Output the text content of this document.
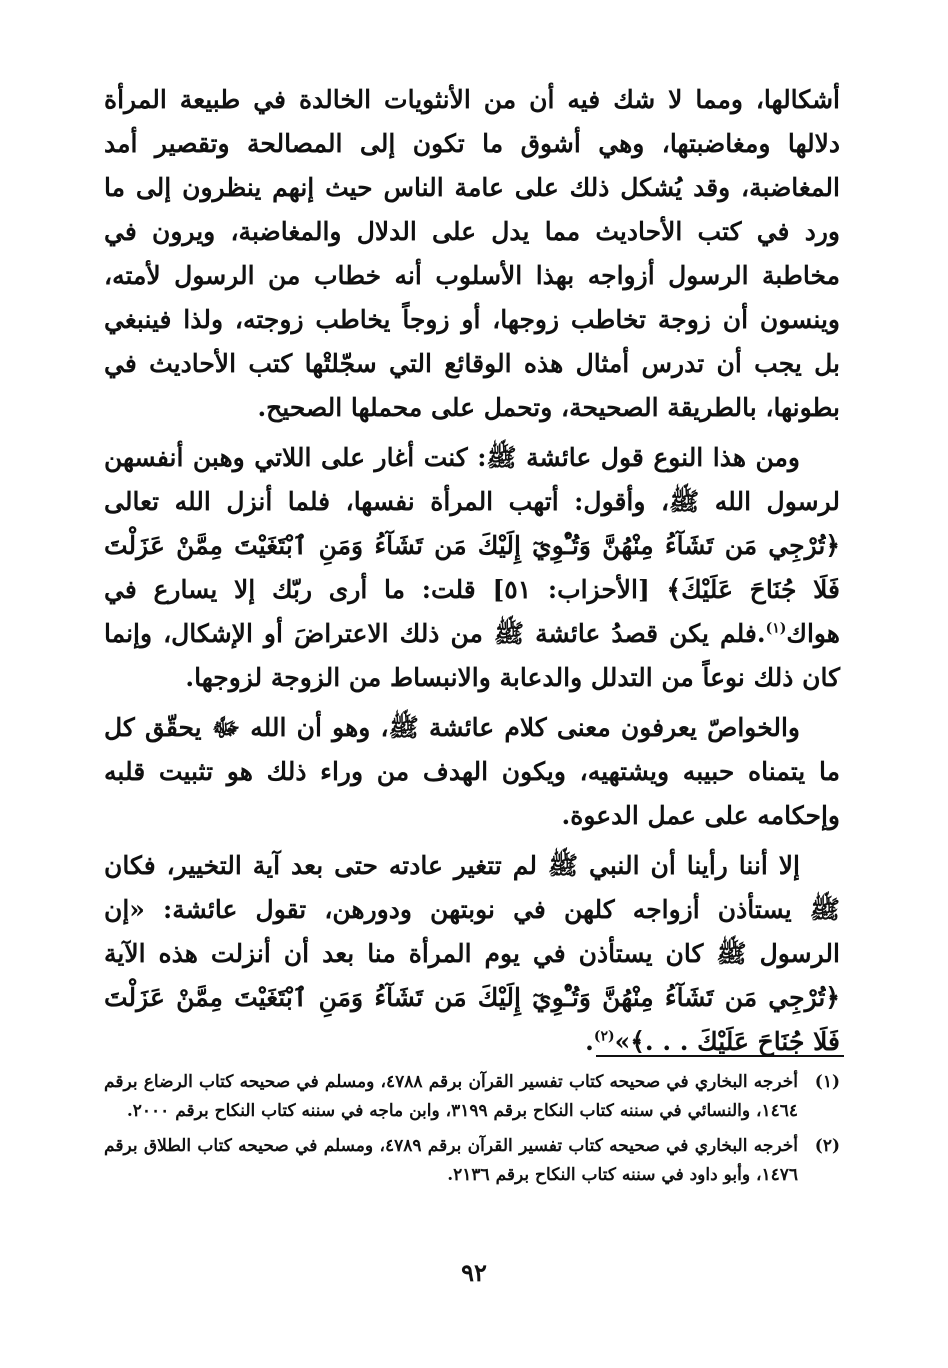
أشكالها، ومما لا شك فيه أن من الأنثويات الخالدة في طبيعة المرأة دلالها ومغاضبتها، وهي أشوق ما تكون إلى المصالحة وتقصير أمد المغاضبة، وقد يُشكل ذلك على عامة الناس حيث إنهم ينظرون إلى ما ورد في كتب الأحاديث مما يدل على الدلال والمغاضبة، ويرون في مخاطبة الرسول أزواجه بهذا الأسلوب أنه خطاب من الرسول لأمته، وينسون أن زوجة تخاطب زوجها، أو زوجاً يخاطب زوجته، ولذا فينبغي بل يجب أن تدرس أمثال هذه الوقائع التي سجّلتْها كتب الأحاديث في بطونها، بالطريقة الصحيحة، وتحمل على محملها الصحيح.

ومن هذا النوع قول عائشة ﷺ: كنت أغار على اللاتي وهبن أنفسهن لرسول الله ﷺ، وأقول: أتهب المرأة نفسها، فلما أنزل الله تعالى ﴿تُرْجِي مَن تَشَآءُ مِنْهُنَّ وَتُـْٔوِيٓ إِلَيْكَ مَن تَشَآءُ وَمَنِ ٱبْتَغَيْتَ مِمَّنْ عَزَلْتَ فَلَا جُنَاحَ عَلَيْكَ﴾ [الأحزاب: ٥١] قلت: ما أرى ربّك إلا يسارع في هواك$^{(١)}$.فلم يكن قصدُ عائشة ﷺ من ذلك الاعتراضَ أو الإشكال، وإنما كان ذلك نوعاً من التدلل والدعابة والانبساط من الزوجة لزوجها.

والخواصّ يعرفون معنى كلام عائشة ﷺ، وهو أن الله ﷻ يحقّق كل ما يتمناه حبيبه ويشتهيه، ويكون الهدف من وراء ذلك هو تثبيت قلبه وإحكامه على عمل الدعوة.

إلا أننا رأينا أن النبي ﷺ لم تتغير عادته حتى بعد آية التخيير، فكان ﷺ يستأذن أزواجه كلهن في نوبتهن ودورهن، تقول عائشة: «إن الرسول ﷺ كان يستأذن في يوم المرأة منا بعد أن أنزلت هذه الآية ﴿تُرْجِي مَن تَشَآءُ مِنْهُنَّ وَتُـْٔوِيٓ إِلَيْكَ مَن تَشَآءُ وَمَنِ ٱبْتَغَيْتَ مِمَّنْ عَزَلْتَ فَلَا جُنَاحَ عَلَيْكَ . . .﴾»$^{(٢)}$.

(١)
أخرجه البخاري في صحيحه كتاب تفسير القرآن برقم ٤٧٨٨، ومسلم في صحيحه كتاب الرضاع برقم ١٤٦٤، والنسائي في سننه كتاب النكاح برقم ٣١٩٩، وابن ماجه في سننه كتاب النكاح برقم ٢٠٠٠.
(٢)
أخرجه البخاري في صحيحه كتاب تفسير القرآن برقم ٤٧٨٩، ومسلم في صحيحه كتاب الطلاق برقم ١٤٧٦، وأبو داود في سننه كتاب النكاح برقم ٢١٣٦.
٩٢
